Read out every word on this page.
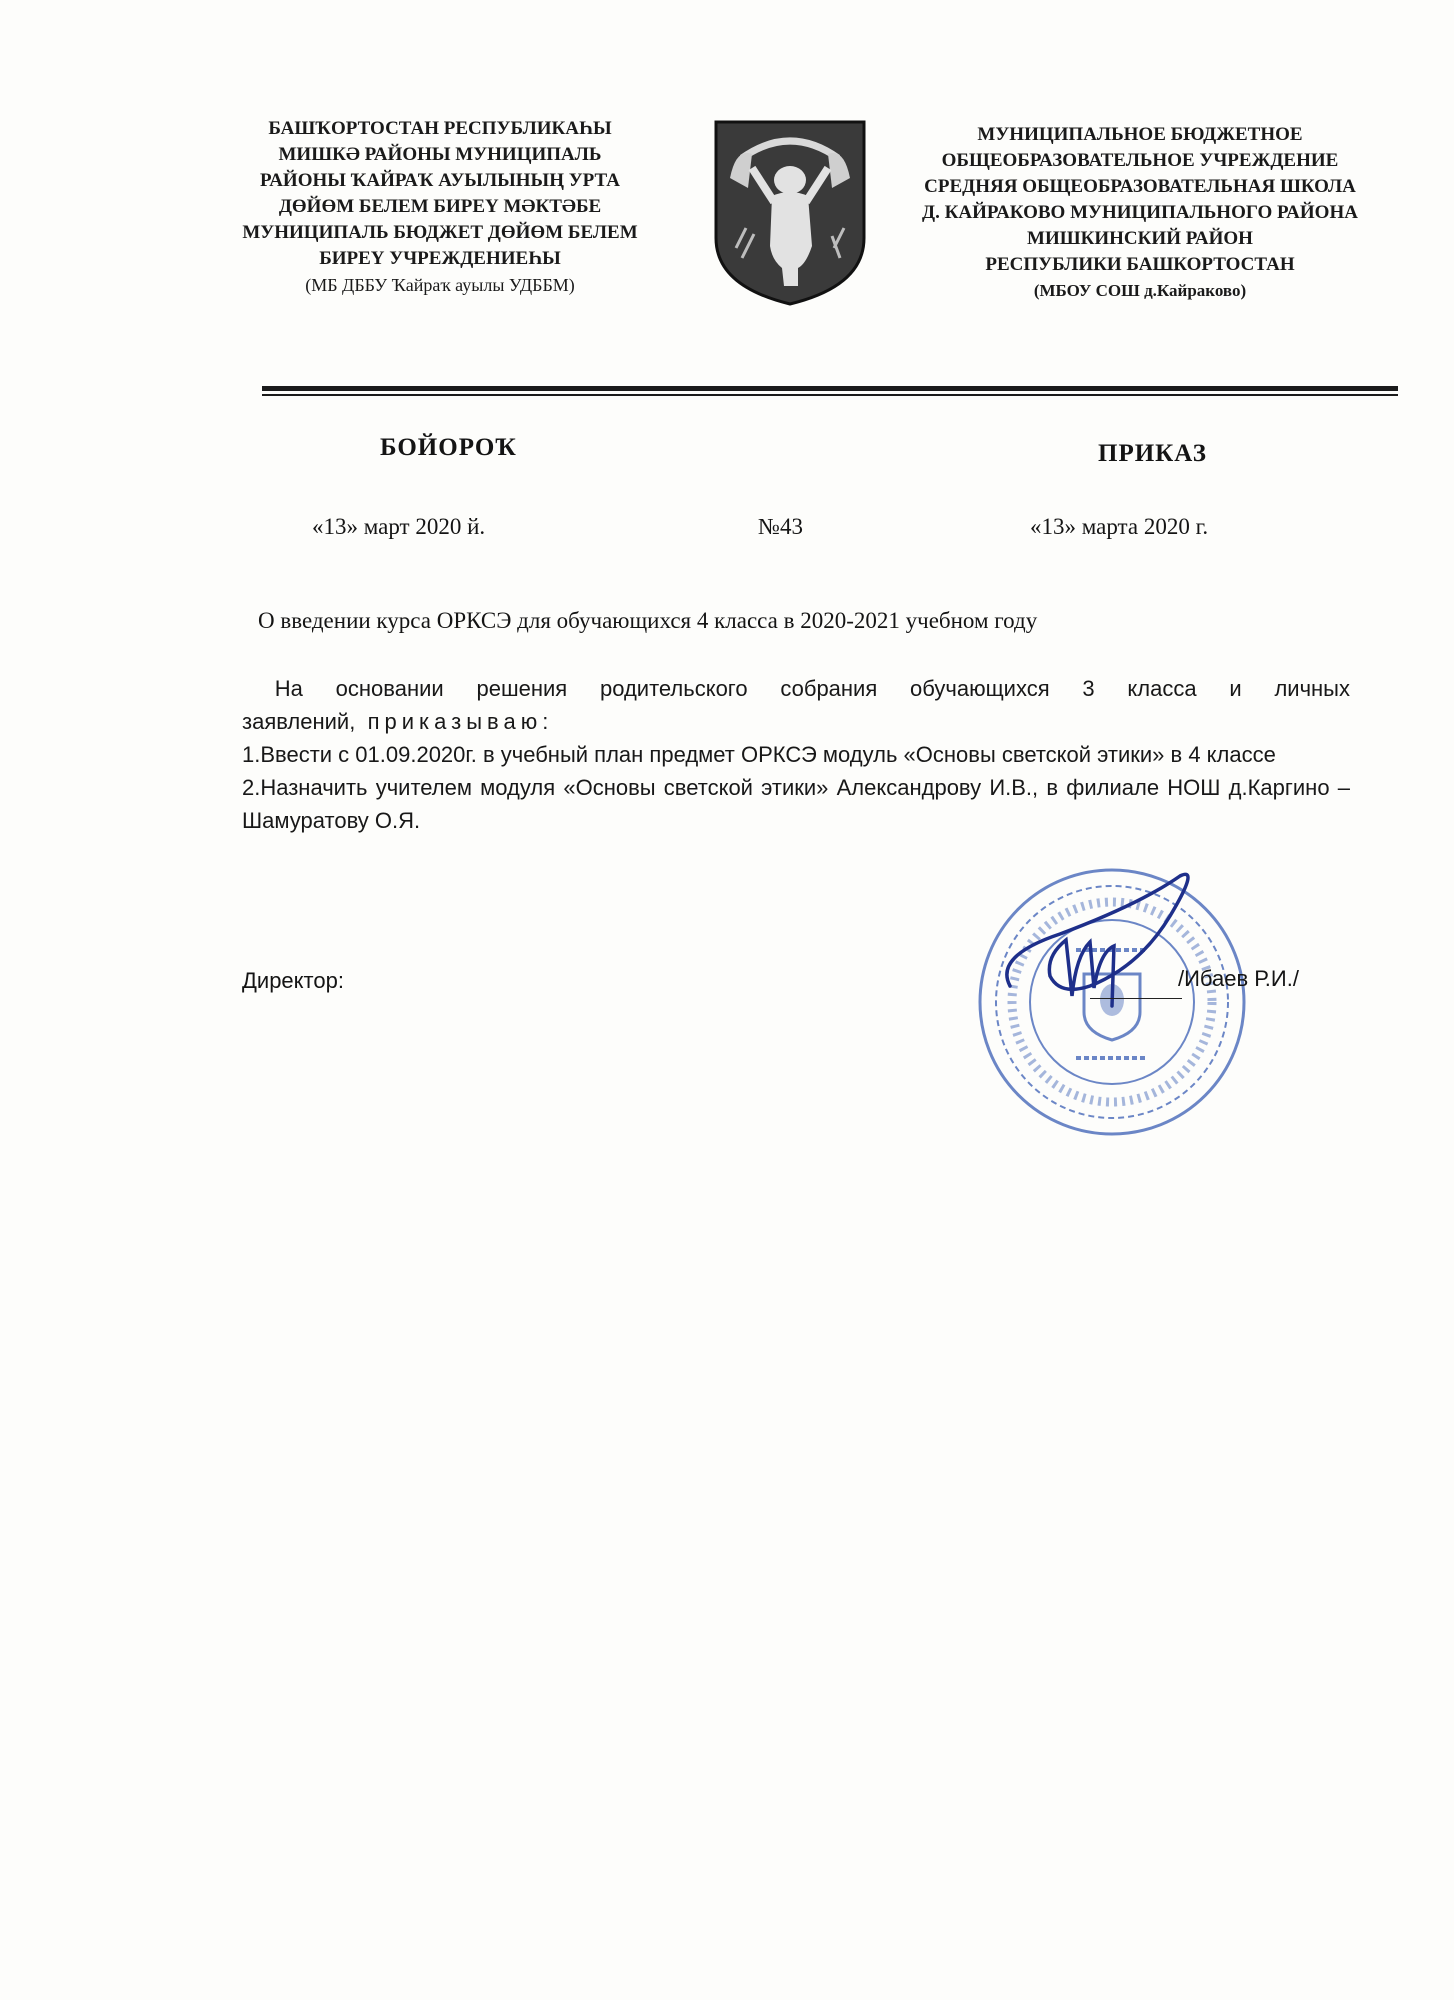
БАШҠОРТОСТАН РЕСПУБЛИКАҺЫ
МИШКӘ РАЙОНЫ МУНИЦИПАЛЬ
РАЙОНЫ ҠАЙРАҠ АУЫЛЫНЫҢ УРТА
ДӨЙӨМ БЕЛЕМ БИРЕҮ МӘКТӘБЕ
МУНИЦИПАЛЬ БЮДЖЕТ ДӨЙӨМ БЕЛЕМ
БИРЕҮ УЧРЕЖДЕНИЕҺЫ
(МБ ДББУ Ҡайраҡ ауылы УДББМ)
МУНИЦИПАЛЬНОЕ БЮДЖЕТНОЕ
ОБЩЕОБРАЗОВАТЕЛЬНОЕ УЧРЕЖДЕНИЕ
СРЕДНЯЯ ОБЩЕОБРАЗОВАТЕЛЬНАЯ ШКОЛА
Д. КАЙРАКОВО МУНИЦИПАЛЬНОГО РАЙОНА
МИШКИНСКИЙ РАЙОН
РЕСПУБЛИКИ БАШКОРТОСТАН
(МБОУ СОШ д.Кайраково)
БОЙОРОҠ	ПРИКАЗ
«13» март 2020 й.	№43	«13» марта 2020 г.
О введении курса ОРКСЭ для обучающихся 4 класса в 2020-2021 учебном году

На основании решения родительского собрания обучающихся 3 класса и личных заявлений, приказываю:

1.Ввести с 01.09.2020г. в учебный план предмет ОРКСЭ модуль «Основы светской этики» в 4 классе

2.Назначить учителем модуля «Основы светской этики» Александрову И.В., в филиале НОШ д.Каргино – Шамуратову О.Я.

Директор:	/Ибаев Р.И./
